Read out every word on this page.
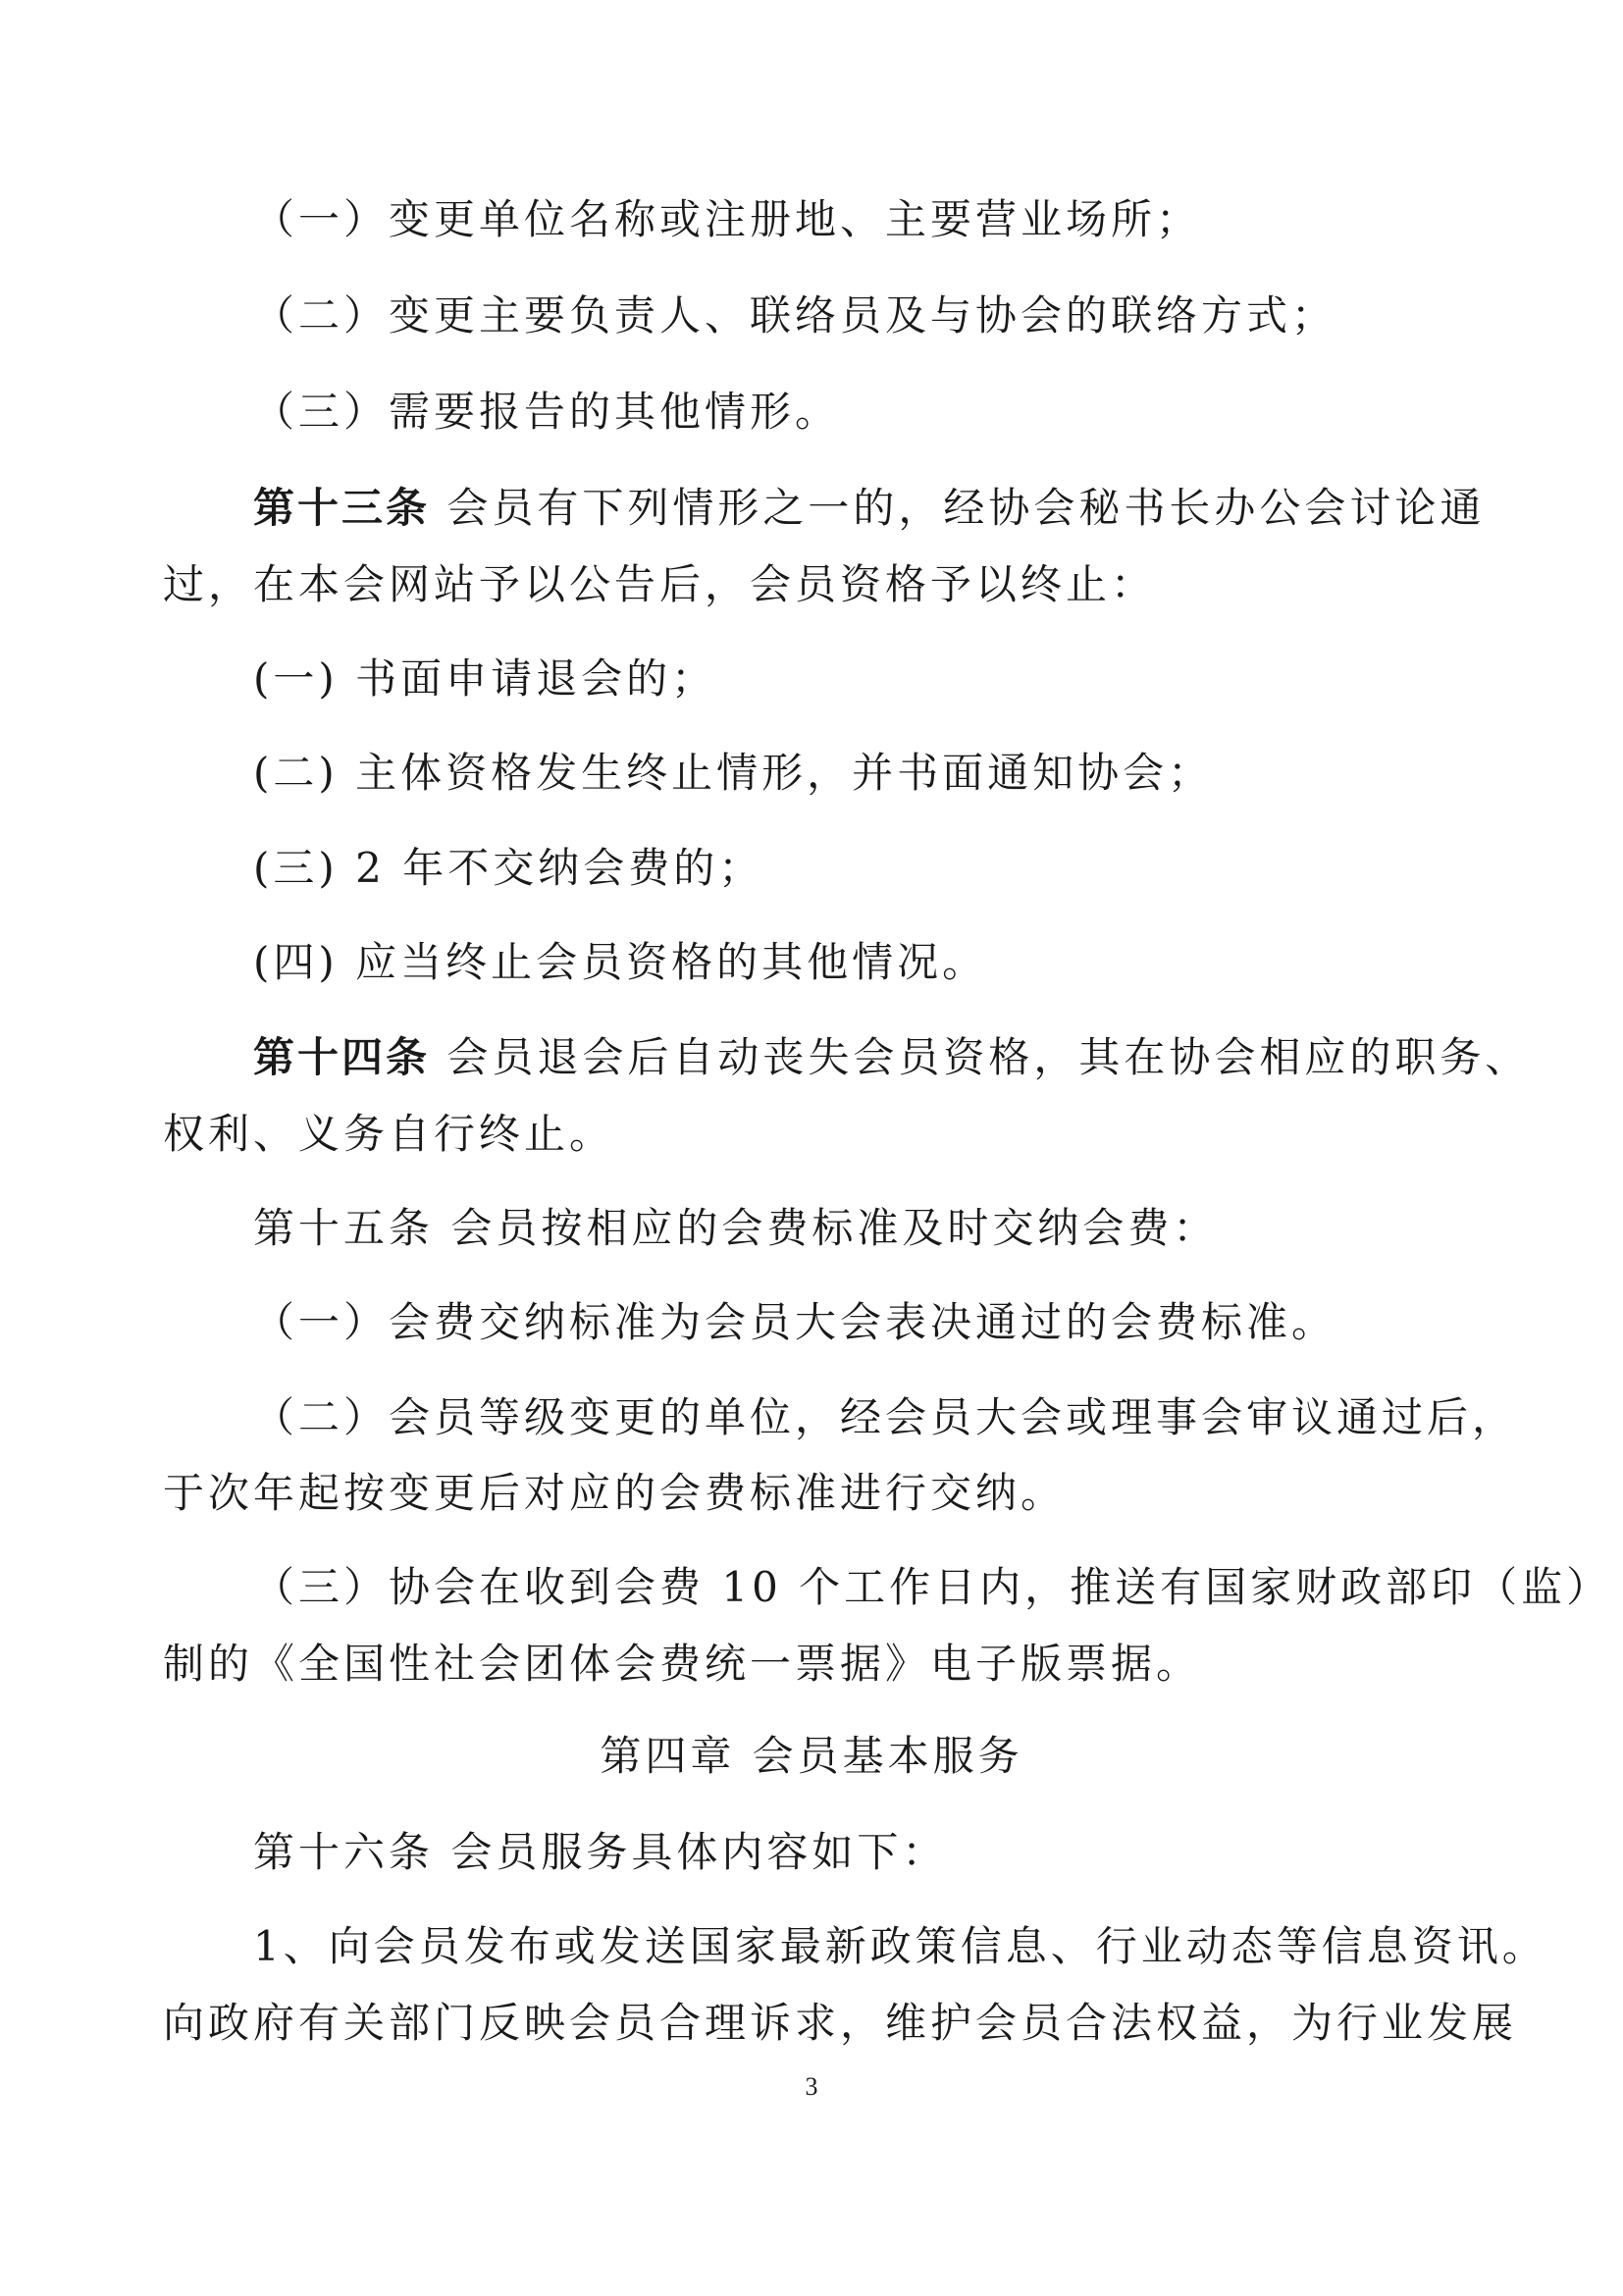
（一）变更单位名称或注册地、主要营业场所；
（二）变更主要负责人、联络员及与协会的联络方式；
（三）需要报告的其他情形。
第十三条 会员有下列情形之一的，经协会秘书长办公会讨论通
过，在本会网站予以公告后，会员资格予以终止：
(一) 书面申请退会的；
(二) 主体资格发生终止情形，并书面通知协会；
(三) 2 年不交纳会费的；
(四) 应当终止会员资格的其他情况。
第十四条 会员退会后自动丧失会员资格，其在协会相应的职务、
权利、义务自行终止。
第十五条 会员按相应的会费标准及时交纳会费：
（一）会费交纳标准为会员大会表决通过的会费标准。
（二）会员等级变更的单位，经会员大会或理事会审议通过后，
于次年起按变更后对应的会费标准进行交纳。
（三）协会在收到会费 10 个工作日内，推送有国家财政部印（监）
制的《全国性社会团体会费统一票据》电子版票据。
第四章 会员基本服务
第十六条 会员服务具体内容如下：
1、向会员发布或发送国家最新政策信息、行业动态等信息资讯。
向政府有关部门反映会员合理诉求，维护会员合法权益，为行业发展
3
